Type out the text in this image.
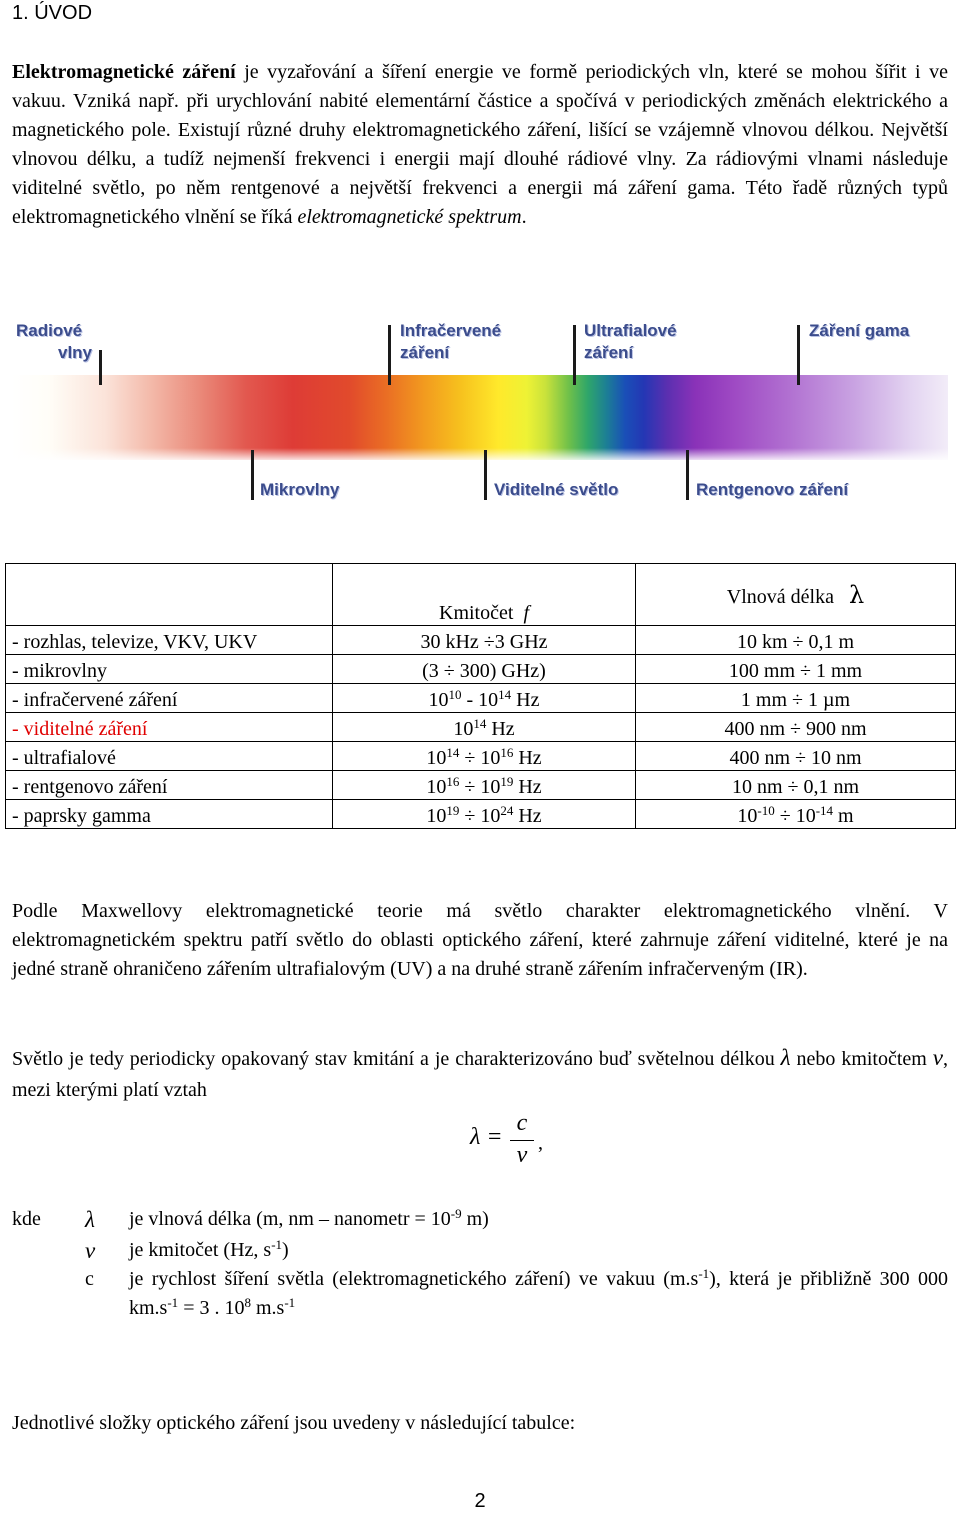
1. ÚVOD
Elektromagnetické záření je vyzařování a šíření energie ve formě periodických vln, které se mohou šířit i ve vakuu. Vzniká např. při urychlování nabité elementární částice a spočívá v periodických změnách elektrického a magnetického pole. Existují různé druhy elektromagnetického záření, lišící se vzájemně vlnovou délkou. Největší vlnovou délku, a tudíž nejmenší frekvenci i energii mají dlouhé rádiové vlny. Za rádiovými vlnami následuje viditelné světlo, po něm rentgenové a největší frekvenci a energii má záření gama. Této řadě různých typů elektromagnetického vlnění se říká elektromagnetické spektrum.
Radiové
vlny
Infračervené
záření
Ultrafialové
záření
Záření gama
Mikrovlny	Viditelné světlo	Rentgenovo záření
	Kmitočet f	Vlnová délka λ
- rozhlas, televize, VKV, UKV	30 kHz ÷3 GHz	10 km ÷ 0,1 m
- mikrovlny	(3 ÷ 300) GHz)	100 mm ÷ 1 mm
- infračervené záření	$10^{10} - 10^{14}$ Hz	1 mm ÷ 1 µm
- viditelné záření	$10^{14}$ Hz	400 nm ÷ 900 nm
- ultrafialové	$10^{14} \div 10^{16}$ Hz	400 nm ÷ 10 nm
- rentgenovo záření	$10^{16} \div 10^{19}$ Hz	10 nm ÷ 0,1 nm
- paprsky gamma	$10^{19} \div 10^{24}$ Hz	$10^{-10} \div 10^{-14}$ m
Podle Maxwellovy elektromagnetické teorie má světlo charakter elektromagnetického vlnění. V elektromagnetickém spektru patří světlo do oblasti optického záření, které zahrnuje záření viditelné, které je na jedné straně ohraničeno zářením ultrafialovým (UV) a na druhé straně zářením infračerveným (IR).
Světlo je tedy periodicky opakovaný stav kmitání a je charakterizováno buď světelnou délkou λ nebo kmitočtem ν, mezi kterými platí vztah
λ =
c
ν ,
kde λ je vlnová délka (m, nm – nanometr = $10^{-9}$ m)
ν je kmitočet (Hz, $s^{-1}$)
c je rychlost šíření světla (elektromagnetického záření) ve vakuu $(m.s^{-1})$, která je přibližně 300 000 $km.s^{-1} = 3$ . $10^8$ $m.s^{-1}$
Jednotlivé složky optického záření jsou uvedeny v následující tabulce:
2
